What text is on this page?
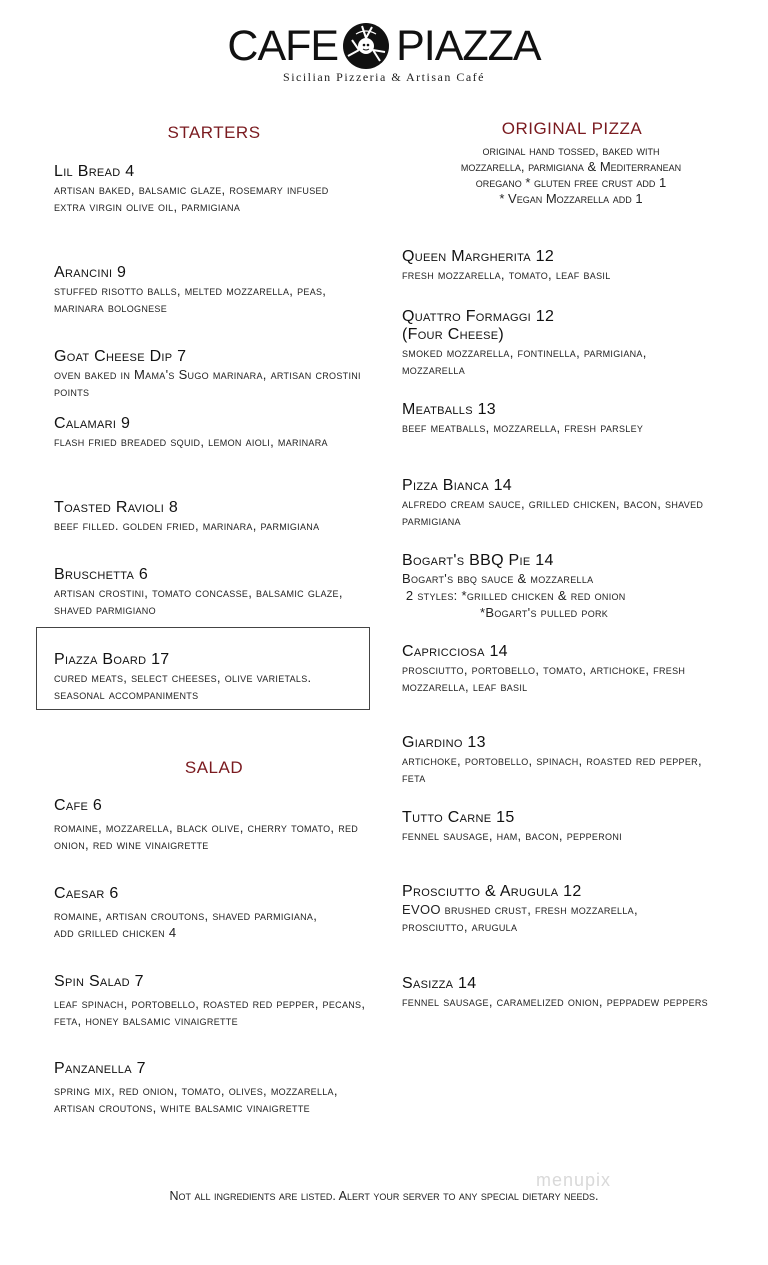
CAFE PIAZZA
Sicilian Pizzeria & Artisan Café
STARTERS
Lil Bread 4
artisan baked, balsamic glaze, rosemary infused extra virgin olive oil, parmigiana
Arancini 9
stuffed risotto balls, melted mozzarella, peas, marinara bolognese
Goat Cheese Dip 7
oven baked in Mama's Sugo marinara, artisan crostini points
Calamari 9
flash fried breaded squid, lemon aioli, marinara
Toasted Ravioli 8
beef filled. golden fried, marinara, parmigiana
Bruschetta 6
artisan crostini, tomato concasse, balsamic glaze, shaved parmigiano
Piazza Board 17
cured meats, select cheeses, olive varietals. seasonal accompaniments
SALAD
Cafe 6
romaine, mozzarella, black olive, cherry tomato, red onion, red wine vinaigrette
Caesar 6
romaine, artisan croutons, shaved parmigiana,
add grilled chicken 4
Spin Salad 7
leaf spinach, portobello, roasted red pepper, pecans, feta, honey balsamic vinaigrette
Panzanella 7
spring mix, red onion, tomato, olives, mozzarella, artisan croutons, white balsamic vinaigrette
ORIGINAL PIZZA
original hand tossed, baked with
mozzarella, parmigiana & Mediterranean
oregano * gluten free crust add 1
* Vegan Mozzarella add 1
Queen Margherita 12
fresh mozzarella, tomato, leaf basil
Quattro Formaggi 12
(Four Cheese)
smoked mozzarella, fontinella, parmigiana, mozzarella
Meatballs 13
beef meatballs, mozzarella, fresh parsley
Pizza Bianca 14
alfredo cream sauce, grilled chicken, bacon, shaved parmigiana
Bogart's BBQ Pie 14
Bogart's bbq sauce & mozzarella
2 styles: *grilled chicken & red onion
*Bogart's pulled pork
Capricciosa 14
prosciutto, portobello, tomato, artichoke, fresh mozzarella, leaf basil
Giardino 13
artichoke, portobello, spinach, roasted red pepper, feta
Tutto Carne 15
fennel sausage, ham, bacon, pepperoni
Prosciutto & Arugula 12
EVOO brushed crust, fresh mozzarella, prosciutto, arugula
Sasizza 14
fennel sausage, caramelized onion, peppadew peppers
menupix
Not all ingredients are listed. Alert your server to any special dietary needs.
